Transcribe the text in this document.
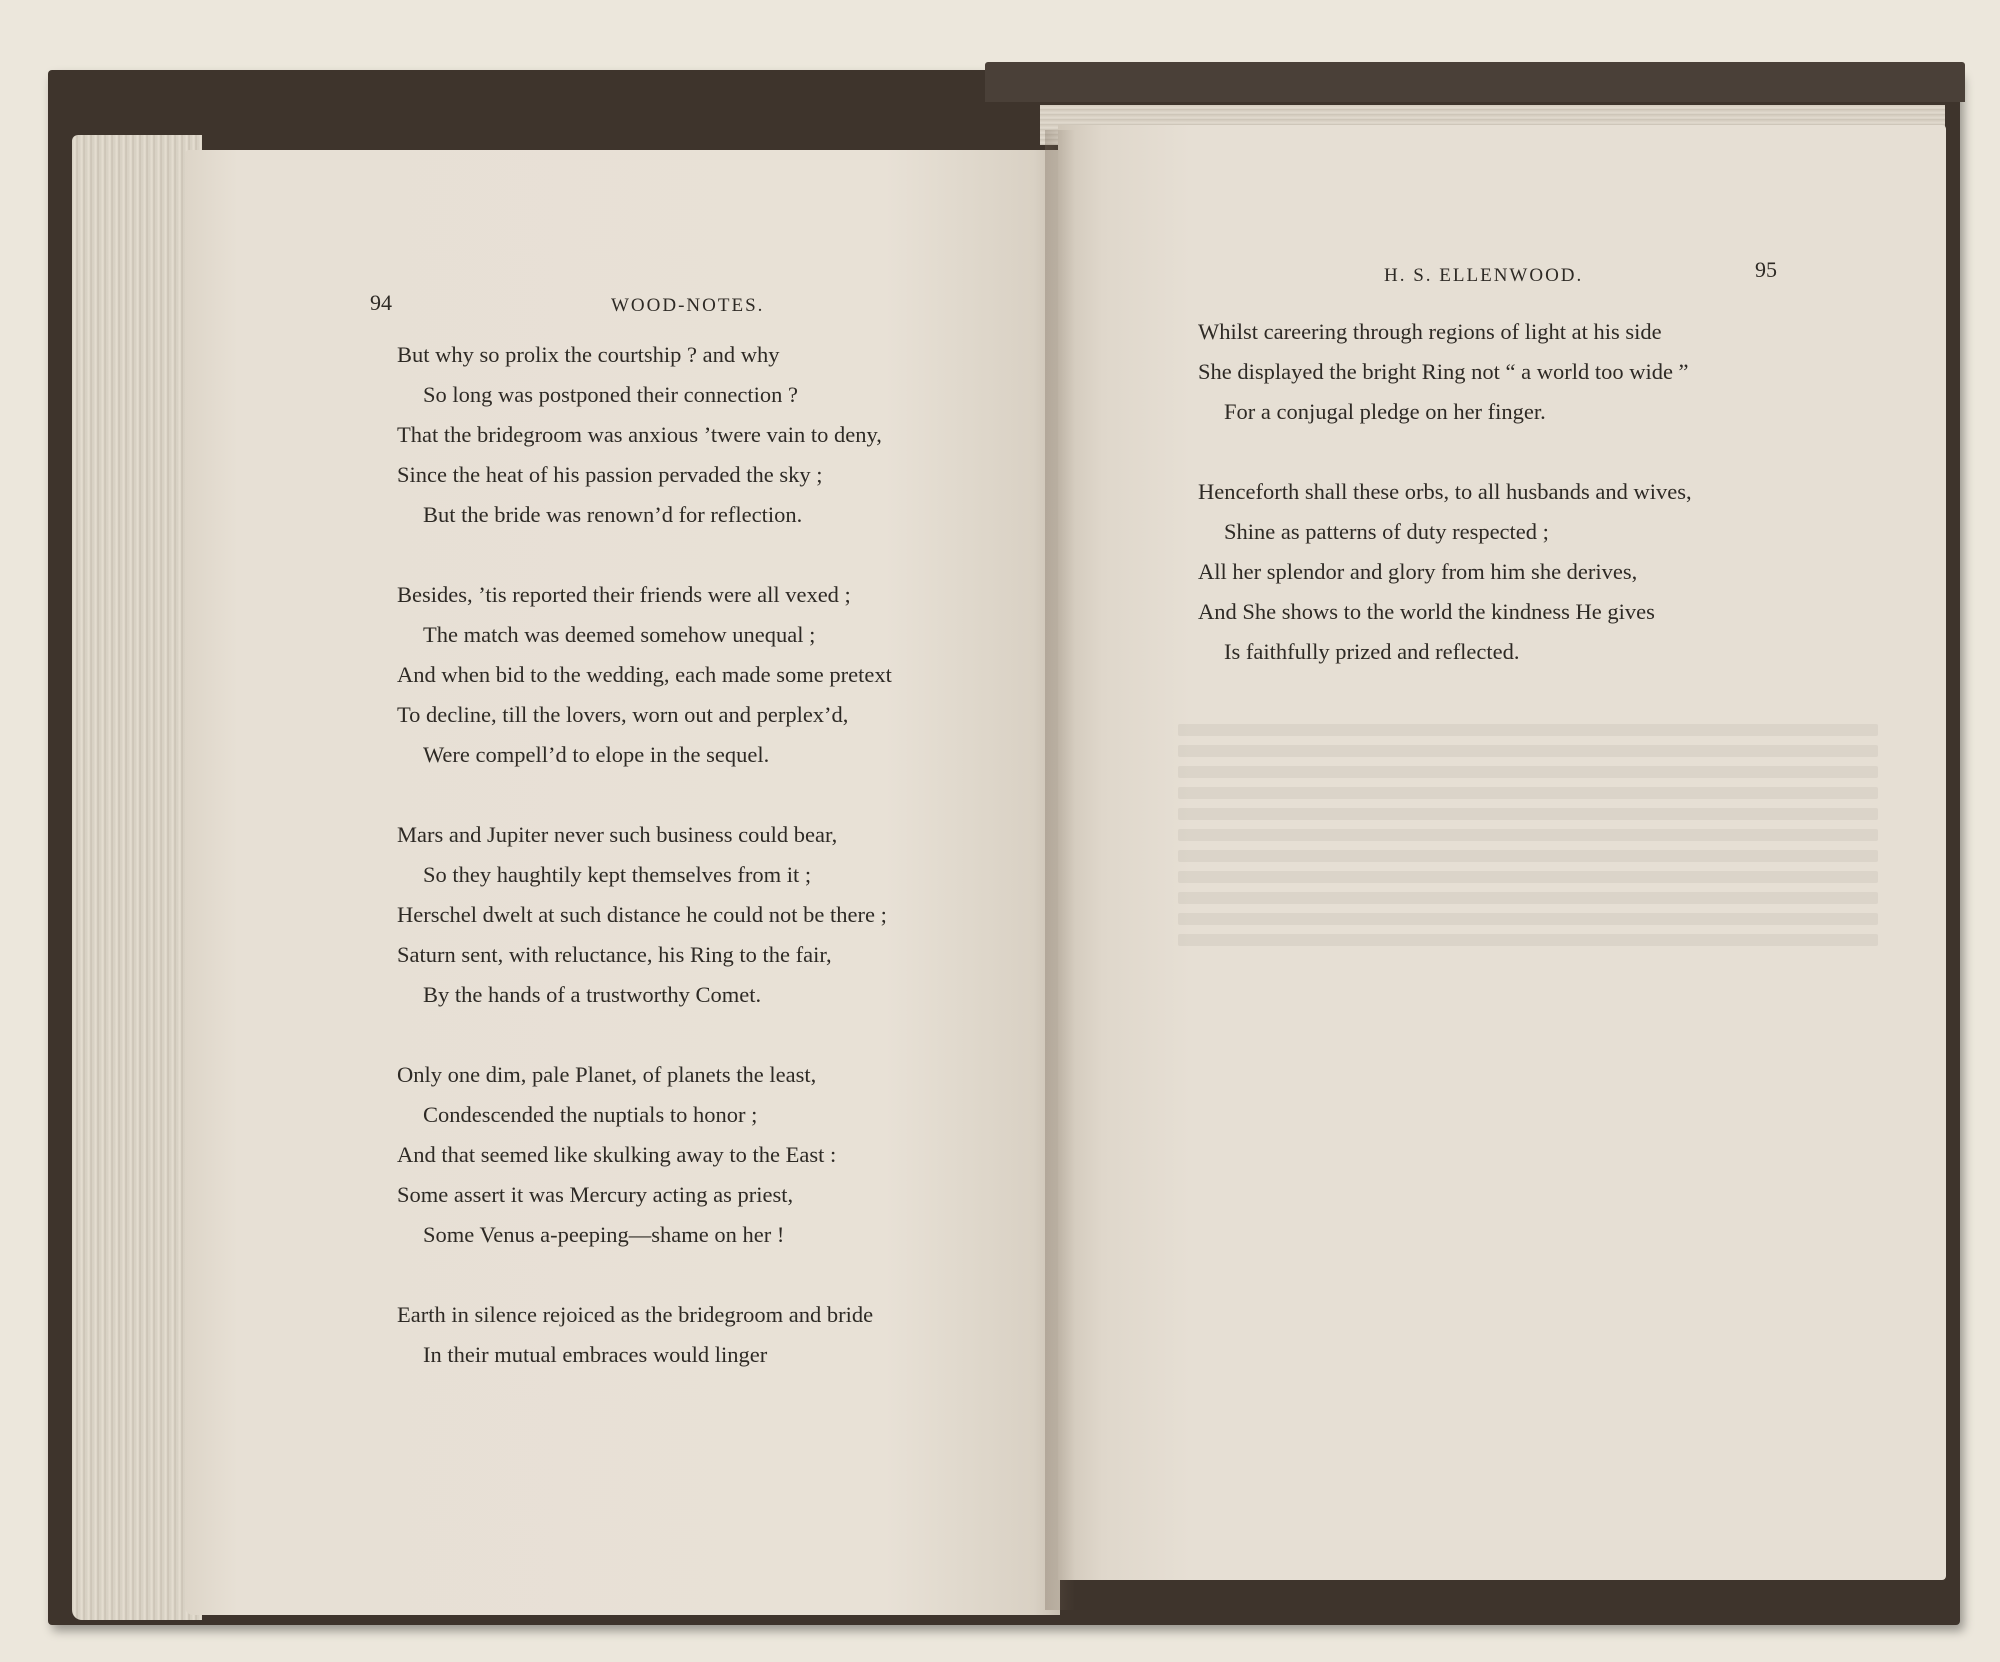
94	WOOD-NOTES.
But why so prolix the courtship ? and why
So long was postponed their connection ?
That the bridegroom was anxious ’twere vain to deny,
Since the heat of his passion pervaded the sky ;
But the bride was renown’d for reflection.
Besides, ’tis reported their friends were all vexed ;
The match was deemed somehow unequal ;
And when bid to the wedding, each made some pretext
To decline, till the lovers, worn out and perplex’d,
Were compell’d to elope in the sequel.
Mars and Jupiter never such business could bear,
So they haughtily kept themselves from it ;
Herschel dwelt at such distance he could not be there ;
Saturn sent, with reluctance, his Ring to the fair,
By the hands of a trustworthy Comet.
Only one dim, pale Planet, of planets the least,
Condescended the nuptials to honor ;
And that seemed like skulking away to the East :
Some assert it was Mercury acting as priest,
Some Venus a-peeping—shame on her !
Earth in silence rejoiced as the bridegroom and bride
In their mutual embraces would linger
H. S. ELLENWOOD.	95
Whilst careering through regions of light at his side
She displayed the bright Ring not “ a world too wide ”
For a conjugal pledge on her finger.
Henceforth shall these orbs, to all husbands and wives,
Shine as patterns of duty respected ;
All her splendor and glory from him she derives,
And She shows to the world the kindness He gives
Is faithfully prized and reflected.
